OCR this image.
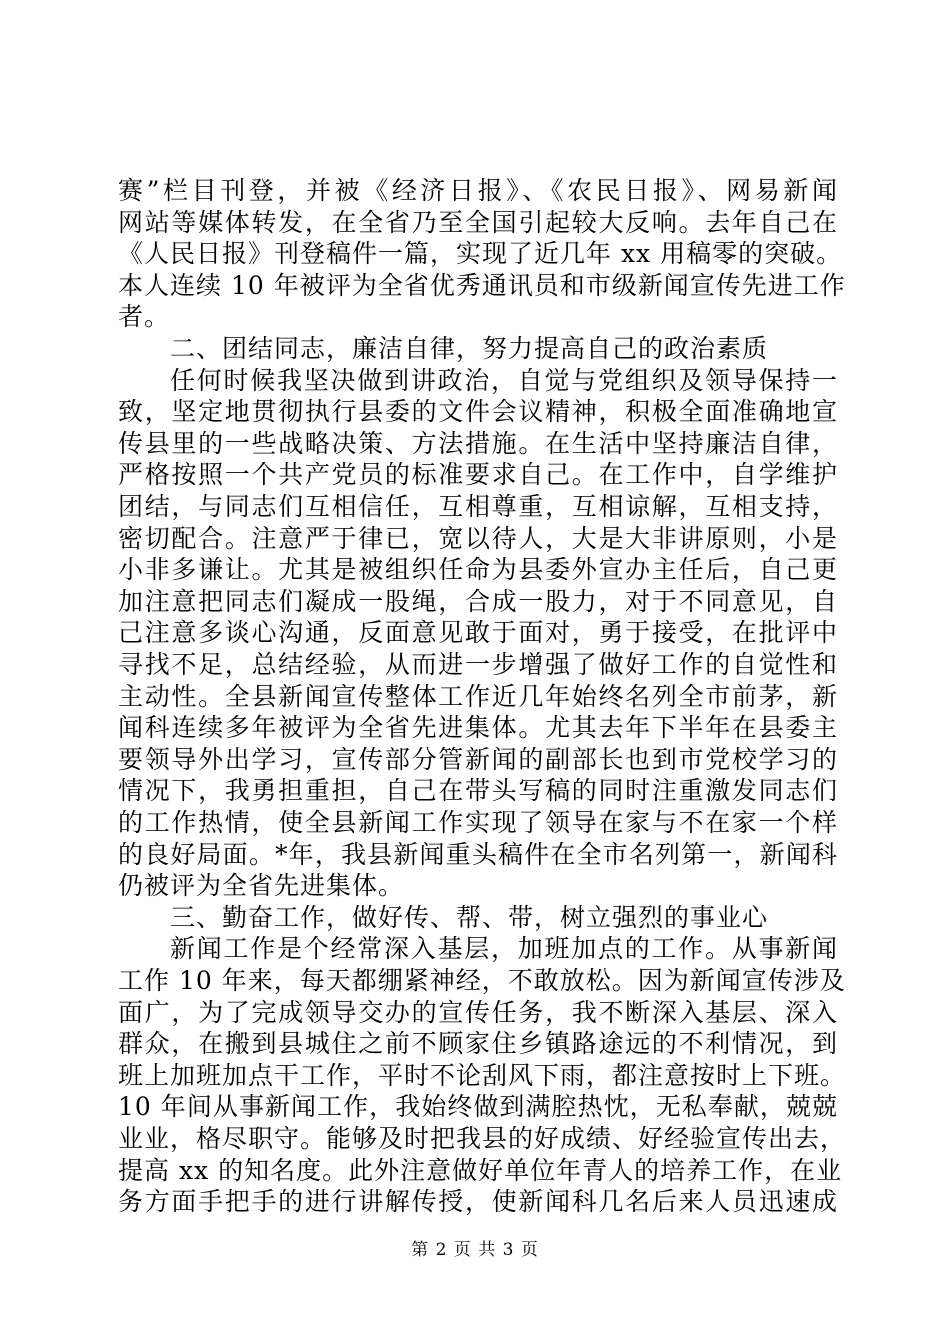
赛”栏目刊登，并被《经济日报》、《农民日报》、网易新闻
网站等媒体转发，在全省乃至全国引起较大反响。去年自己在
《人民日报》刊登稿件一篇，实现了近几年 xx 用稿零的突破。
本人连续 10 年被评为全省优秀通讯员和市级新闻宣传先进工作
者。
二、团结同志，廉洁自律，努力提高自己的政治素质
任何时候我坚决做到讲政治，自觉与党组织及领导保持一
致，坚定地贯彻执行县委的文件会议精神，积极全面准确地宣
传县里的一些战略决策、方法措施。在生活中坚持廉洁自律，
严格按照一个共产党员的标准要求自己。在工作中，自学维护
团结，与同志们互相信任，互相尊重，互相谅解，互相支持，
密切配合。注意严于律已，宽以待人，大是大非讲原则，小是
小非多谦让。尤其是被组织任命为县委外宣办主任后，自己更
加注意把同志们凝成一股绳，合成一股力，对于不同意见，自
己注意多谈心沟通，反面意见敢于面对，勇于接受，在批评中
寻找不足，总结经验，从而进一步增强了做好工作的自觉性和
主动性。全县新闻宣传整体工作近几年始终名列全市前茅，新
闻科连续多年被评为全省先进集体。尤其去年下半年在县委主
要领导外出学习，宣传部分管新闻的副部长也到市党校学习的
情况下，我勇担重担，自己在带头写稿的同时注重激发同志们
的工作热情，使全县新闻工作实现了领导在家与不在家一个样
的良好局面。*年，我县新闻重头稿件在全市名列第一，新闻科
仍被评为全省先进集体。
三、勤奋工作，做好传、帮、带，树立强烈的事业心
新闻工作是个经常深入基层，加班加点的工作。从事新闻
工作 10 年来，每天都绷紧神经，不敢放松。因为新闻宣传涉及
面广，为了完成领导交办的宣传任务，我不断深入基层、深入
群众，在搬到县城住之前不顾家住乡镇路途远的不利情况，到
班上加班加点干工作，平时不论刮风下雨，都注意按时上下班。
10 年间从事新闻工作，我始终做到满腔热忱，无私奉献，兢兢
业业，格尽职守。能够及时把我县的好成绩、好经验宣传出去，
提高 xx 的知名度。此外注意做好单位年青人的培养工作，在业
务方面手把手的进行讲解传授，使新闻科几名后来人员迅速成
第 2 页 共 3 页
